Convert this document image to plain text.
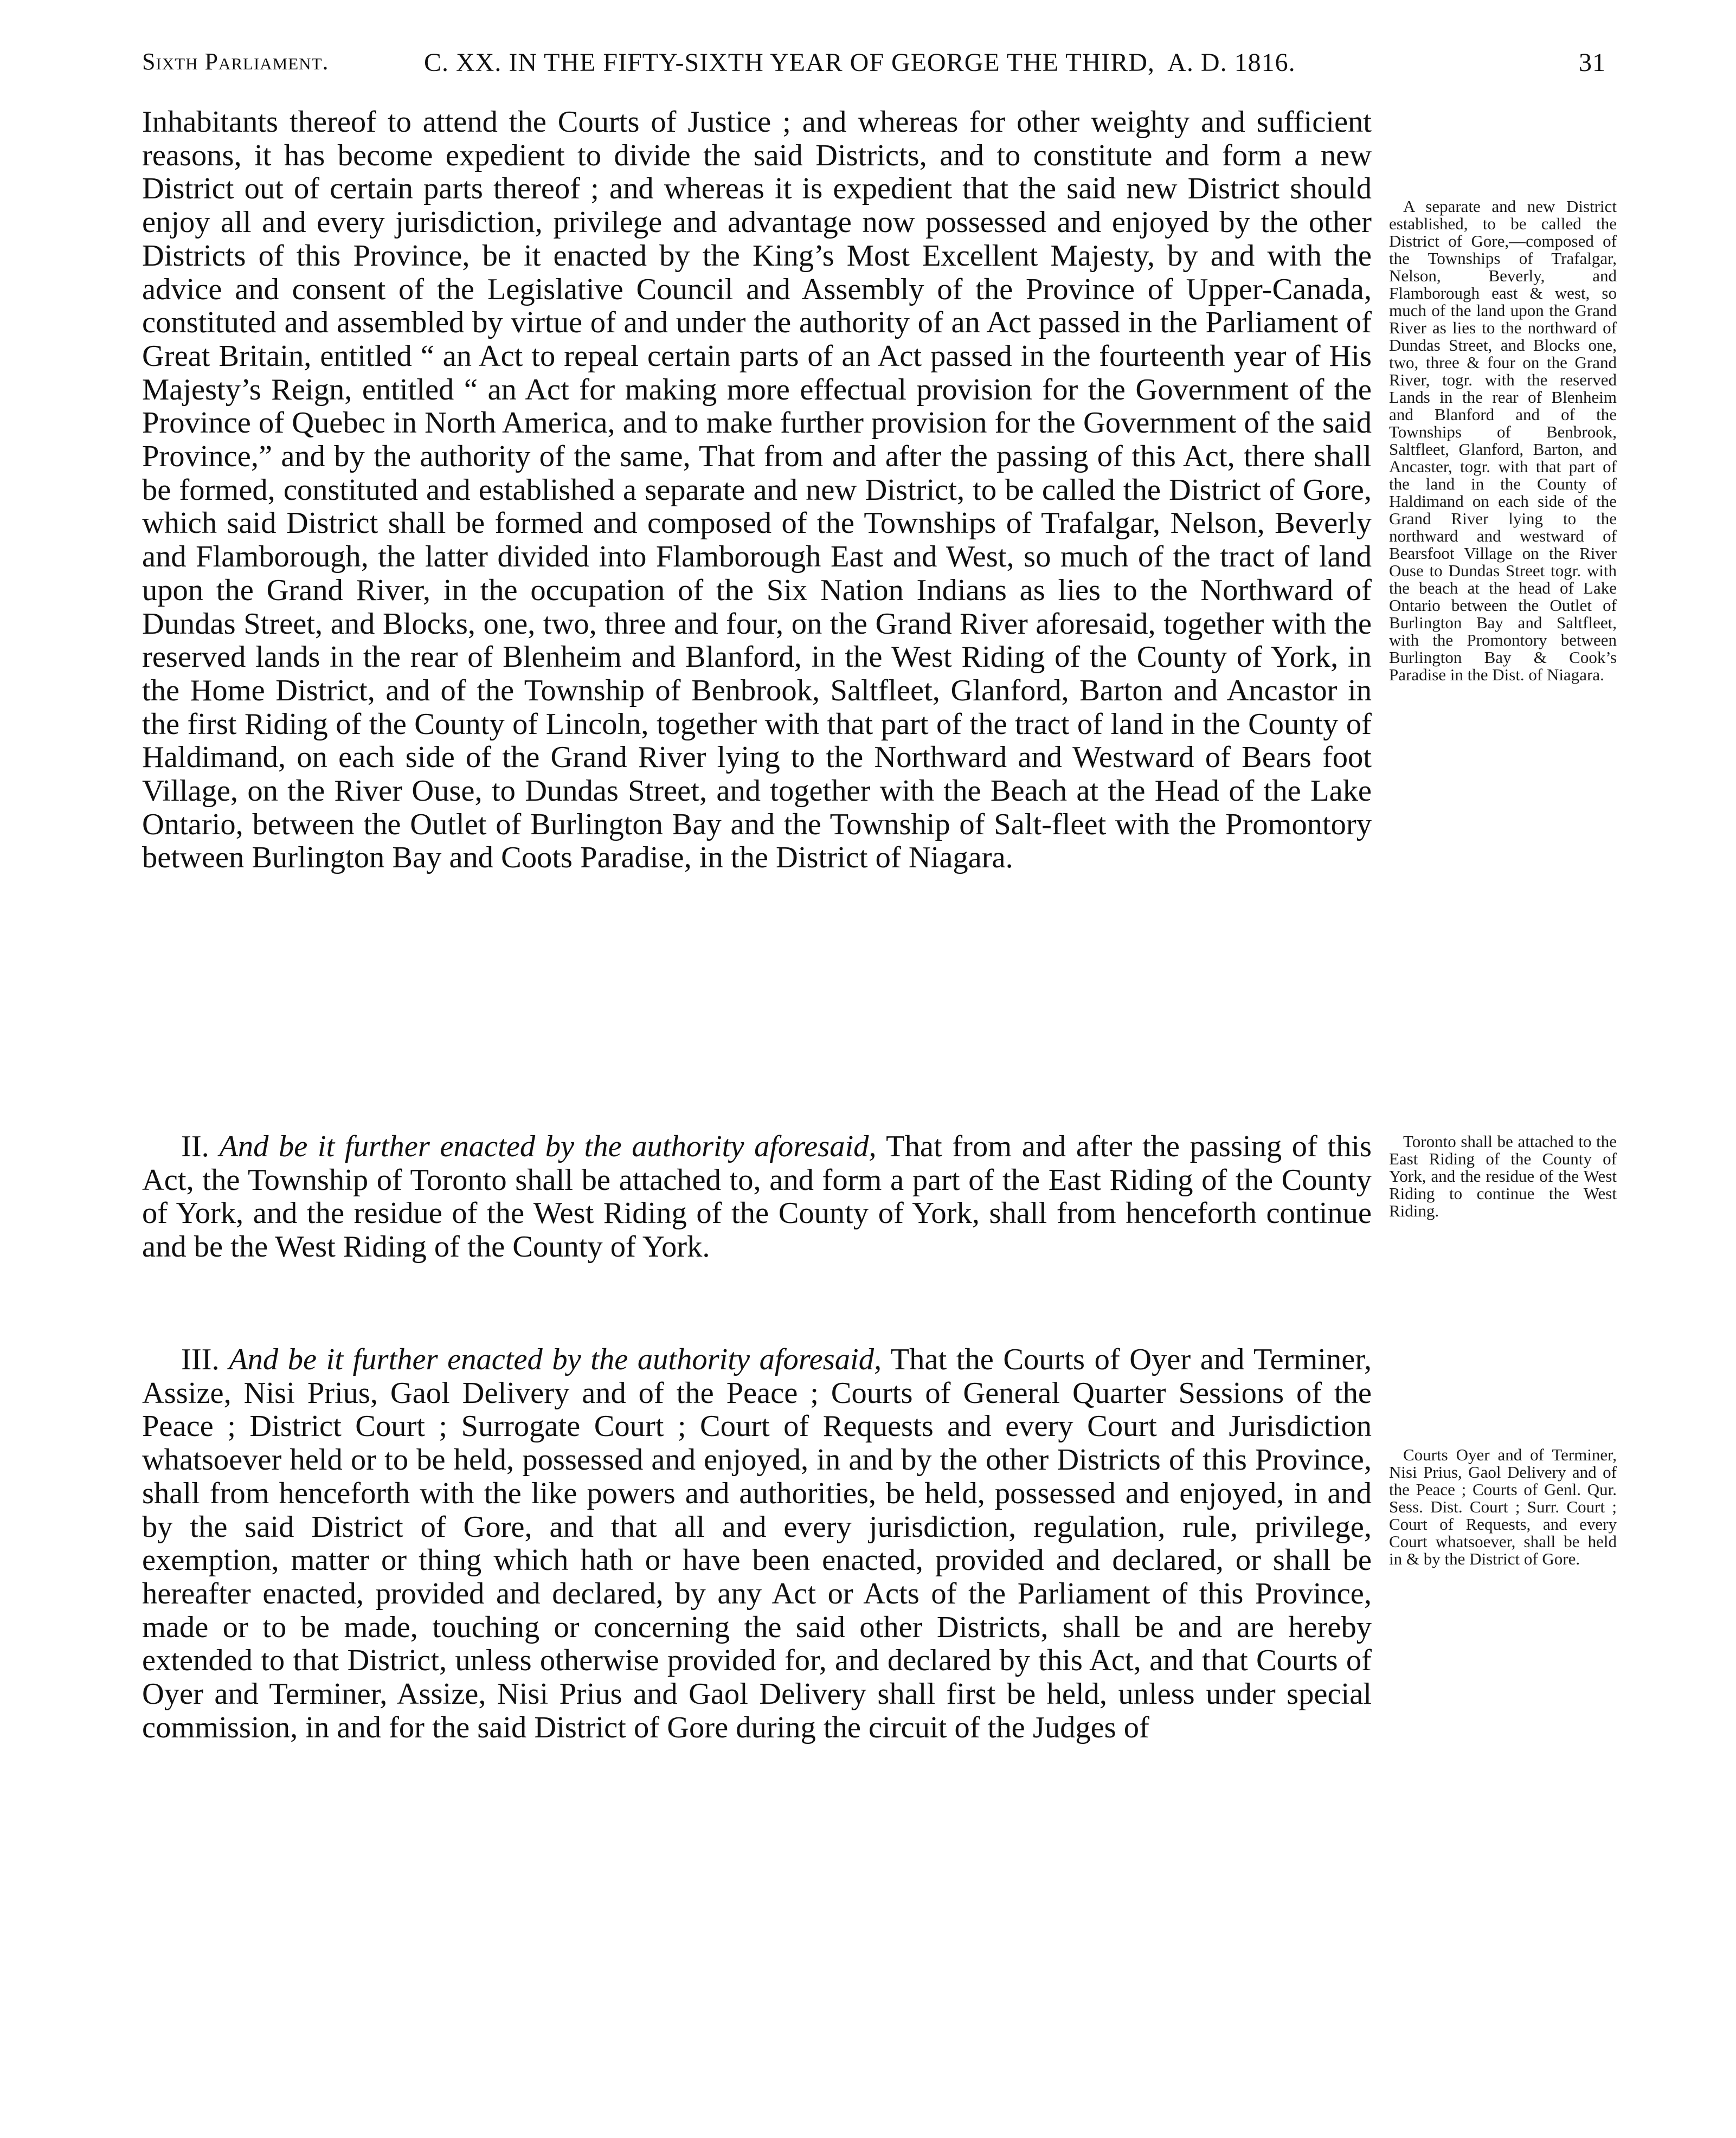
Sixth Parliament.	C. XX. IN THE FIFTY-SIXTH YEAR OF GEORGE THE THIRD, A. D. 1816.	31

Inhabitants thereof to attend the Courts of Justice ; and whereas for other weighty and sufficient reasons, it has become expedient to divide the said Districts, and to constitute and form a new District out of certain parts thereof ; and whereas it is expedient that the said new District should enjoy all and every jurisdiction, privilege and advantage now possessed and enjoyed by the other Districts of this Province, be it enacted by the King’s Most Excellent Majesty, by and with the advice and consent of the Legislative Council and Assembly of the Province of Upper-Canada, constituted and assembled by virtue of and under the authority of an Act passed in the Parliament of Great Britain, entitled “ an Act to repeal certain parts of an Act passed in the fourteenth year of His Majesty’s Reign, entitled “ an Act for making more effectual provision for the Government of the Province of Quebec in North America, and to make further provision for the Government of the said Province,” and by the authority of the same, That from and after the passing of this Act, there shall be formed, constituted and established a separate and new District, to be called the District of Gore, which said District shall be formed and composed of the Townships of Trafalgar, Nelson, Beverly and Flamborough, the latter divided into Flamborough East and West, so much of the tract of land upon the Grand River, in the occupation of the Six Nation Indians as lies to the Northward of Dundas Street, and Blocks, one, two, three and four, on the Grand River aforesaid, together with the reserved lands in the rear of Blenheim and Blanford, in the West Riding of the County of York, in the Home District, and of the Township of Benbrook, Saltfleet, Glanford, Barton and Ancastor in the first Riding of the County of Lincoln, together with that part of the tract of land in the County of Haldimand, on each side of the Grand River lying to the Northward and Westward of Bears foot Village, on the River Ouse, to Dundas Street, and together with the Beach at the Head of the Lake Ontario, between the Outlet of Burlington Bay and the Township of Salt-fleet with the Promontory between Burlington Bay and Coots Paradise, in the District of Niagara.

II. And be it further enacted by the authority aforesaid, That from and after the passing of this Act, the Township of Toronto shall be attached to, and form a part of the East Riding of the County of York, and the residue of the West Riding of the County of York, shall from henceforth continue and be the West Riding of the County of York.

III. And be it further enacted by the authority aforesaid, That the Courts of Oyer and Terminer, Assize, Nisi Prius, Gaol Delivery and of the Peace ; Courts of General Quarter Sessions of the Peace ; District Court ; Surrogate Court ; Court of Requests and every Court and Jurisdiction whatsoever held or to be held, possessed and enjoyed, in and by the other Districts of this Province, shall from henceforth with the like powers and authorities, be held, possessed and enjoyed, in and by the said District of Gore, and that all and every jurisdiction, regulation, rule, privilege, exemption, matter or thing which hath or have been enacted, provided and declared, or shall be hereafter enacted, provided and declared, by any Act or Acts of the Parliament of this Province, made or to be made, touching or concerning the said other Districts, shall be and are hereby extended to that District, unless otherwise provided for, and declared by this Act, and that Courts of Oyer and Terminer, Assize, Nisi Prius and Gaol Delivery shall first be held, unless under special commission, in and for the said District of Gore during the circuit of the Judges of

A separate and new District established, to be called the District of Gore,—composed of the Townships of Trafalgar, Nelson, Beverly, and Flamborough east & west, so much of the land upon the Grand River as lies to the northward of Dundas Street, and Blocks one, two, three & four on the Grand River, togr. with the reserved Lands in the rear of Blenheim and Blanford and of the Townships of Benbrook, Saltfleet, Glanford, Barton, and Ancaster, togr. with that part of the land in the County of Haldimand on each side of the Grand River lying to the northward and westward of Bearsfoot Village on the River Ouse to Dundas Street togr. with the beach at the head of Lake Ontario between the Outlet of Burlington Bay and Saltfleet, with the Promontory between Burlington Bay & Cook’s Paradise in the Dist. of Niagara.

Toronto shall be attached to the East Riding of the County of York, and the residue of the West Riding to continue the West Riding.

Courts Oyer and of Terminer, Nisi Prius, Gaol Delivery and of the Peace ; Courts of Genl. Qur. Sess. Dist. Court ; Surr. Court ; Court of Requests, and every Court whatsoever, shall be held in & by the District of Gore.
